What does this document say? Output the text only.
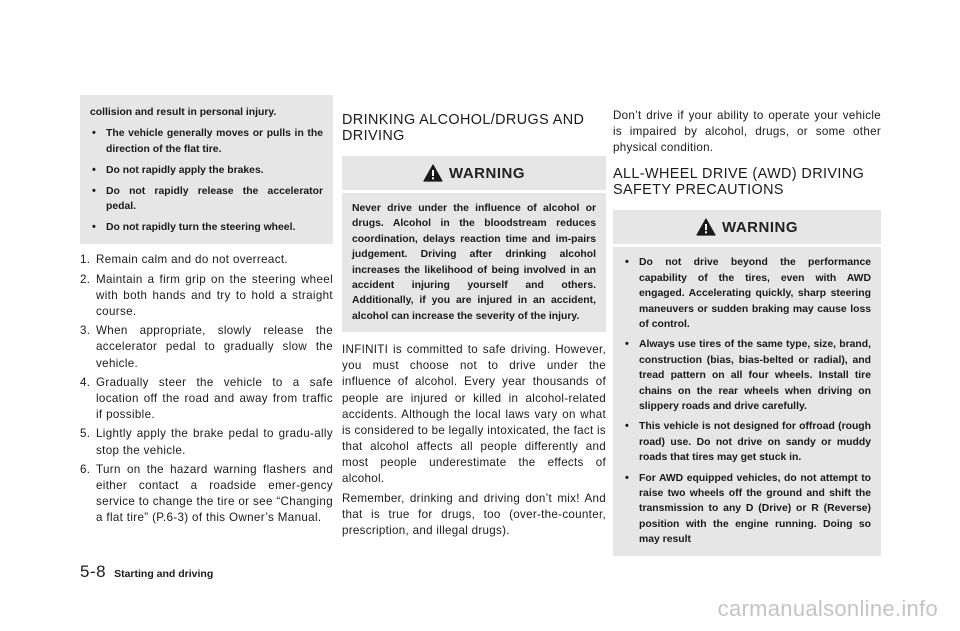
collision and result in personal injury.

• The vehicle generally moves or pulls in the direction of the flat tire.
• Do not rapidly apply the brakes.
• Do not rapidly release the accelerator pedal.
• Do not rapidly turn the steering wheel.
1. Remain calm and do not overreact.
2. Maintain a firm grip on the steering wheel with both hands and try to hold a straight course.
3. When appropriate, slowly release the accelerator pedal to gradually slow the vehicle.
4. Gradually steer the vehicle to a safe location off the road and away from traffic if possible.
5. Lightly apply the brake pedal to gradu-ally stop the vehicle.
6. Turn on the hazard warning flashers and either contact a roadside emer-gency service to change the tire or see “Changing a flat tire” (P.6-3) of this Owner’s Manual.
DRINKING ALCOHOL/DRUGS AND DRIVING
WARNING

Never drive under the influence of alcohol or drugs. Alcohol in the bloodstream reduces coordination, delays reaction time and im-pairs judgement. Driving after drinking alcohol increases the likelihood of being involved in an accident injuring yourself and others. Additionally, if you are injured in an accident, alcohol can increase the severity of the injury.

INFINITI is committed to safe driving. However, you must choose not to drive under the influence of alcohol. Every year thousands of people are injured or killed in alcohol-related accidents. Although the local laws vary on what is considered to be legally intoxicated, the fact is that alcohol affects all people differently and most people underestimate the effects of alcohol.

Remember, drinking and driving don’t mix! And that is true for drugs, too (over-the-counter, prescription, and illegal drugs).

Don’t drive if your ability to operate your vehicle is impaired by alcohol, drugs, or some other physical condition.

ALL-WHEEL DRIVE (AWD) DRIVING SAFETY PRECAUTIONS
WARNING
• Do not drive beyond the performance capability of the tires, even with AWD engaged. Accelerating quickly, sharp steering maneuvers or sudden braking may cause loss of control.
• Always use tires of the same type, size, brand, construction (bias, bias-belted or radial), and tread pattern on all four wheels. Install tire chains on the rear wheels when driving on slippery roads and drive carefully.
• This vehicle is not designed for offroad (rough road) use. Do not drive on sandy or muddy roads that tires may get stuck in.
• For AWD equipped vehicles, do not attempt to raise two wheels off the ground and shift the transmission to any D (Drive) or R (Reverse) position with the engine running. Doing so may result
5-8 Starting and driving
carmanualsonline.info
